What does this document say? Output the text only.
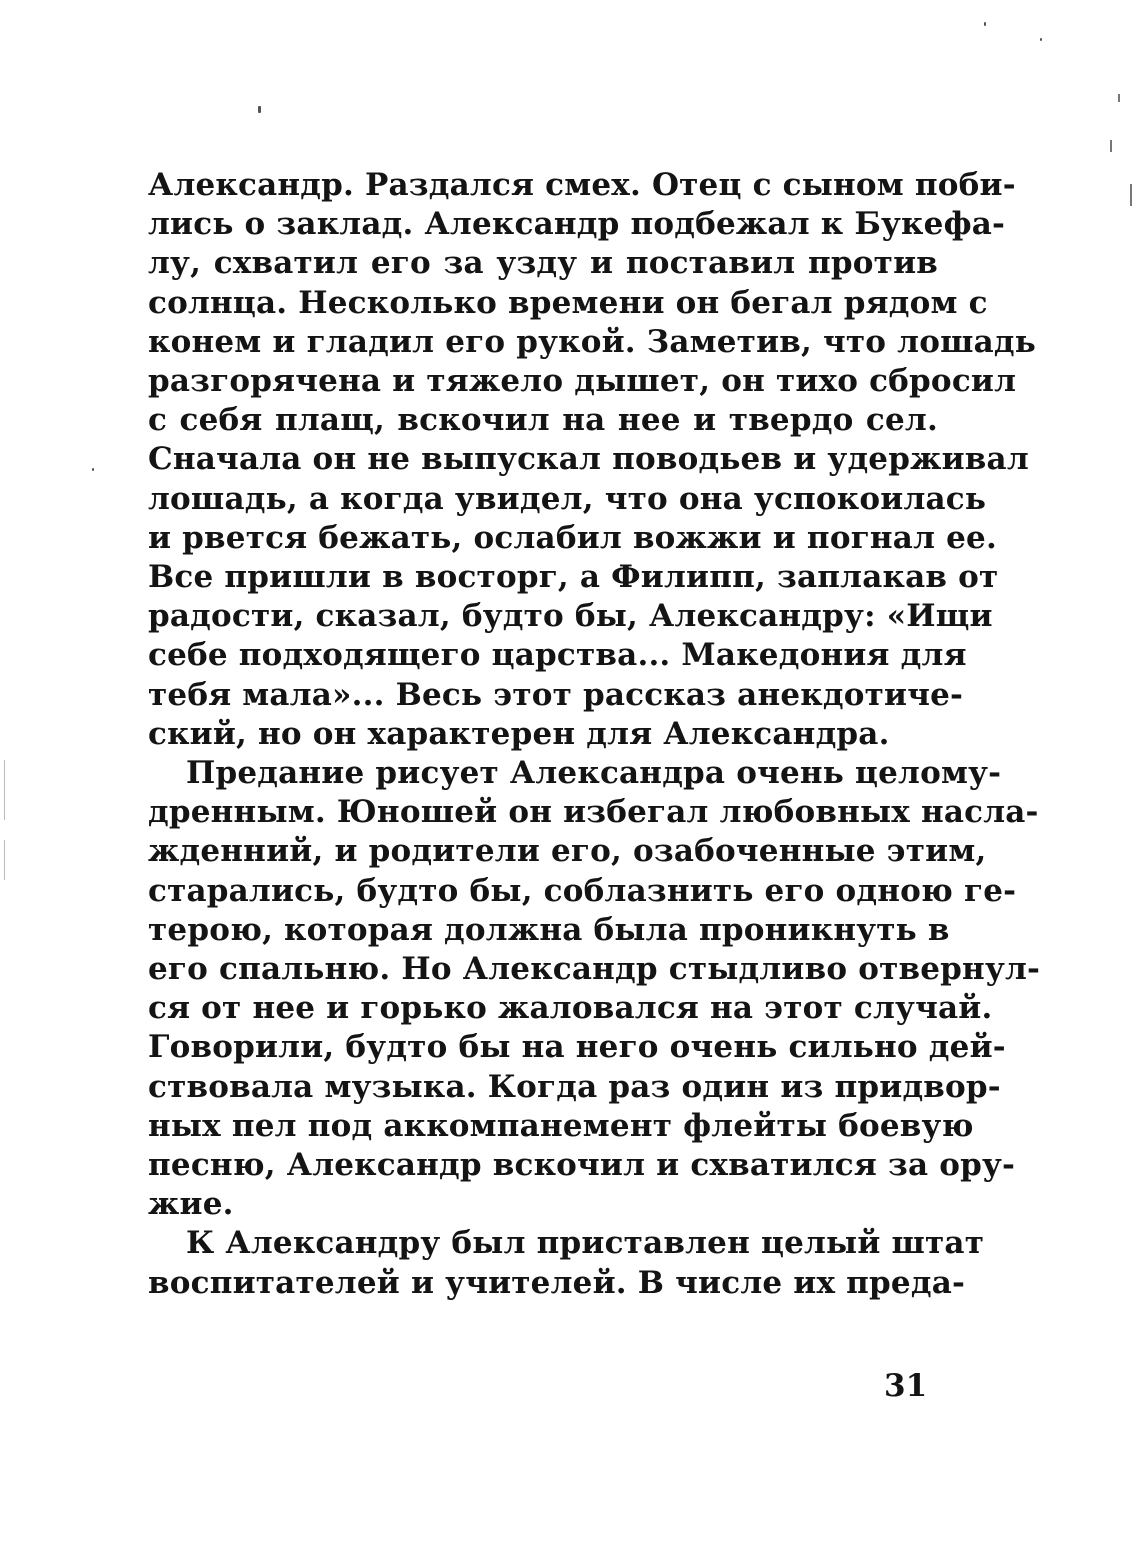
Александр. Раздался смех. Отец с сыном поби-
лись о заклад. Александр подбежал к Букефа-
лу, схватил его за узду и поставил против
солнца. Несколько времени он бегал рядом с
конем и гладил его рукой. Заметив, что лошадь
разгорячена и тяжело дышет, он тихо сбросил
с себя плащ, вскочил на нее и твердо сел.
Сначала он не выпускал поводьев и удерживал
лошадь, а когда увидел, что она успокоилась
и рвется бежать, ослабил вожжи и погнал ее.
Все пришли в восторг, а Филипп, заплакав от
радости, сказал, будто бы, Александру: «Ищи
себе подходящего царства... Македония для
тебя мала»... Весь этот рассказ анекдотиче-
ский, но он характерен для Александра.

Предание рисует Александра очень целому-
дренным. Юношей он избегал любовных насла-
жденний, и родители его, озабоченные этим,
старались, будто бы, соблазнить его одною ге-
терою, которая должна была проникнуть в
его спальню. Но Александр стыдливо отвернул-
ся от нее и горько жаловался на этот случай.
Говорили, будто бы на него очень сильно дей-
ствовала музыка. Когда раз один из придвор-
ных пел под аккомпанемент флейты боевую
песню, Александр вскочил и схватился за ору-
жие.

К Александру был приставлен целый штат
воспитателей и учителей. В числе их преда-

31
